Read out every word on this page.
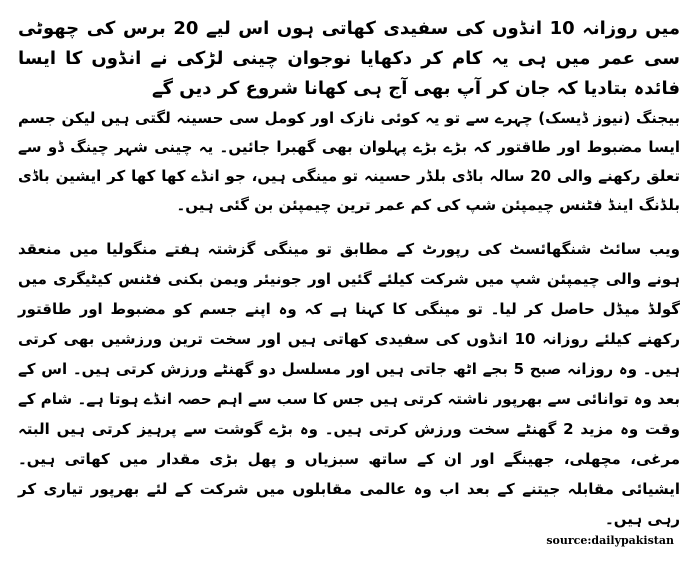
میں روزانہ 10 انڈوں کی سفیدی کھاتی ہوں اس لیے 20 برس کی چھوٹی سی عمر میں ہی یہ کام کر دکھایا نوجوان چینی لڑکی نے انڈوں کا ایسا فائدہ بتادیا کہ جان کر آپ بھی آج ہی کھانا شروع کر دیں گے

بیجنگ (نیوز ڈیسک) چہرے سے تو یہ کوئی نازک اور کومل سی حسینہ لگتی ہیں لیکن جسم ایسا مضبوط اور طاقتور کہ بڑے بڑے پہلوان بھی گھبرا جائیں۔ یہ چینی شہر چینگ ڈو سے تعلق رکھنے والی 20 سالہ باڈی بلڈر حسینہ تو مینگی ہیں، جو انڈے کھا کھا کر ایشین باڈی بلڈنگ اینڈ فٹنس چیمپئن شپ کی کم عمر ترین چیمپئن بن گئی ہیں۔

ویب سائٹ شنگھائسٹ کی رپورٹ کے مطابق تو مینگی گزشتہ ہفتے منگولیا میں منعقد ہونے والی چیمپئن شپ میں شرکت کیلئے گئیں اور جونیئر ویمن بکنی فٹنس کیٹیگری میں گولڈ میڈل حاصل کر لیا۔ تو مینگی کا کہنا ہے کہ وہ اپنے جسم کو مضبوط اور طاقتور رکھنے کیلئے روزانہ 10 انڈوں کی سفیدی کھاتی ہیں اور سخت ترین ورزشیں بھی کرتی ہیں۔ وہ روزانہ صبح 5 بجے اٹھ جاتی ہیں اور مسلسل دو گھنٹے ورزش کرتی ہیں۔ اس کے بعد وہ توانائی سے بھرپور ناشتہ کرتی ہیں جس کا سب سے اہم حصہ انڈے ہوتا ہے۔ شام کے وقت وہ مزید 2 گھنٹے سخت ورزش کرتی ہیں۔ وہ بڑے گوشت سے پرہیز کرتی ہیں البتہ مرغی، مچھلی، جھینگے اور ان کے ساتھ سبزیاں و پھل بڑی مقدار میں کھاتی ہیں۔ ایشیائی مقابلہ جیتنے کے بعد اب وہ عالمی مقابلوں میں شرکت کے لئے بھرپور تیاری کر رہی ہیں۔

source:dailypakistan
